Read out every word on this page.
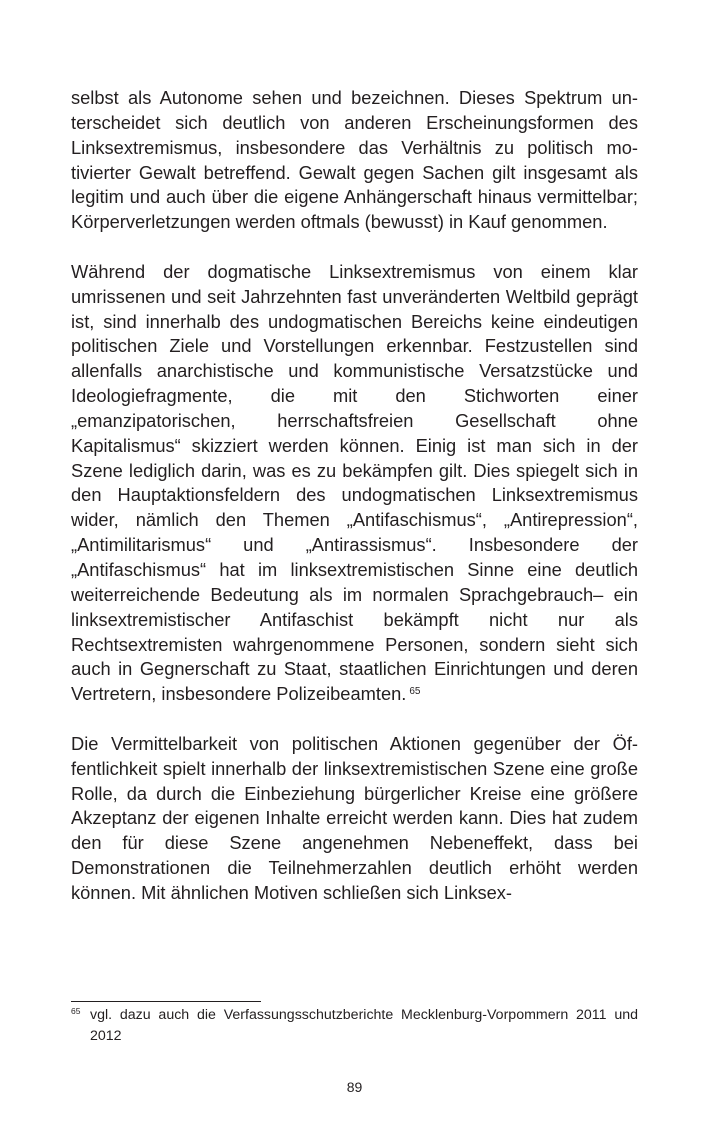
selbst als Autonome sehen und bezeichnen. Dieses Spektrum unterscheidet sich deutlich von anderen Erscheinungsformen des Linksextremismus, insbesondere das Verhältnis zu politisch motivierter Gewalt betreffend. Gewalt gegen Sachen gilt insgesamt als legitim und auch über die eigene Anhängerschaft hinaus vermittelbar; Körperverletzungen werden oftmals (bewusst) in Kauf genommen.

Während der dogmatische Linksextremismus von einem klar umrissenen und seit Jahrzehnten fast unveränderten Weltbild geprägt ist, sind innerhalb des undogmatischen Bereichs keine eindeutigen politischen Ziele und Vorstellungen erkennbar. Festzustellen sind allenfalls anarchistische und kommunistische Versatzstücke und Ideologiefragmente, die mit den Stichworten einer „emanzipatorischen, herrschaftsfreien Gesellschaft ohne Kapitalismus“ skizziert werden können. Einig ist man sich in der Szene lediglich darin, was es zu bekämpfen gilt. Dies spiegelt sich in den Hauptaktionsfeldern des undogmatischen Linksextremismus wider, nämlich den Themen „Antifaschismus“, „Antirepression“, „Antimilitarismus“ und „Antirassismus“. Insbesondere der „Antifaschismus“ hat im linksextremistischen Sinne eine deutlich weiterreichende Bedeutung als im normalen Sprachgebrauch– ein linksextremistischer Antifaschist bekämpft nicht nur als Rechtsextremisten wahrgenommene Personen, sondern sieht sich auch in Gegnerschaft zu Staat, staatlichen Einrichtungen und deren Vertretern, insbesondere Polizeibeamten. $^{65}$

Die Vermittelbarkeit von politischen Aktionen gegenüber der Öffentlichkeit spielt innerhalb der linksextremistischen Szene eine große Rolle, da durch die Einbeziehung bürgerlicher Kreise eine größere Akzeptanz der eigenen Inhalte erreicht werden kann. Dies hat zudem den für diese Szene angenehmen Nebeneffekt, dass bei Demonstrationen die Teilnehmerzahlen deutlich erhöht werden können. Mit ähnlichen Motiven schließen sich Linksex-

65 vgl. dazu auch die Verfassungsschutzberichte Mecklenburg-Vorpommern 2011 und 2012
89
